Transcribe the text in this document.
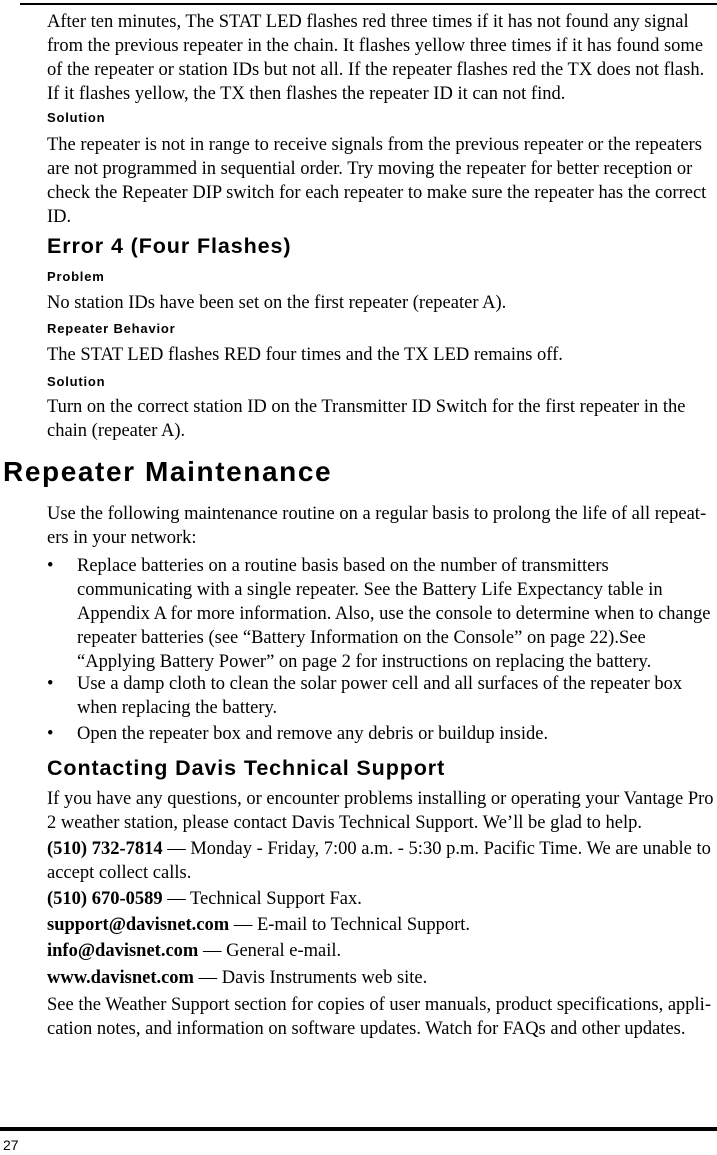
After ten minutes, The STAT LED flashes red three times if it has not found any signal from the previous repeater in the chain. It flashes yellow three times if it has found some of the repeater or station IDs but not all. If the repeater flashes red the TX does not flash. If it flashes yellow, the TX then flashes the repeater ID it can not find.

Solution

The repeater is not in range to receive signals from the previous repeater or the repeaters are not programmed in sequential order. Try moving the repeater for better reception or check the Repeater DIP switch for each repeater to make sure the repeater has the correct ID.

Error 4 (Four Flashes)

Problem

No station IDs have been set on the first repeater (repeater A).

Repeater Behavior

The STAT LED flashes RED four times and the TX LED remains off.

Solution

Turn on the correct station ID on the Transmitter ID Switch for the first repeater in the chain (repeater A).

Repeater Maintenance

Use the following maintenance routine on a regular basis to prolong the life of all repeat-ers in your network:

• Replace batteries on a routine basis based on the number of transmitters communicating with a single repeater. See the Battery Life Expectancy table in Appendix A for more information. Also, use the console to determine when to change repeater batteries (see “Battery Information on the Console” on page 22).See “Applying Battery Power” on page 2 for instructions on replacing the battery.
• Use a damp cloth to clean the solar power cell and all surfaces of the repeater box when replacing the battery.
• Open the repeater box and remove any debris or buildup inside.
Contacting Davis Technical Support

If you have any questions, or encounter problems installing or operating your Vantage Pro 2 weather station, please contact Davis Technical Support. We’ll be glad to help.

(510) 732-7814 — Monday - Friday, 7:00 a.m. - 5:30 p.m. Pacific Time. We are unable to accept collect calls.

(510) 670-0589 — Technical Support Fax.

support@davisnet.com — E-mail to Technical Support.

info@davisnet.com — General e-mail.

www.davisnet.com — Davis Instruments web site.

See the Weather Support section for copies of user manuals, product specifications, appli-cation notes, and information on software updates. Watch for FAQs and other updates.

27
